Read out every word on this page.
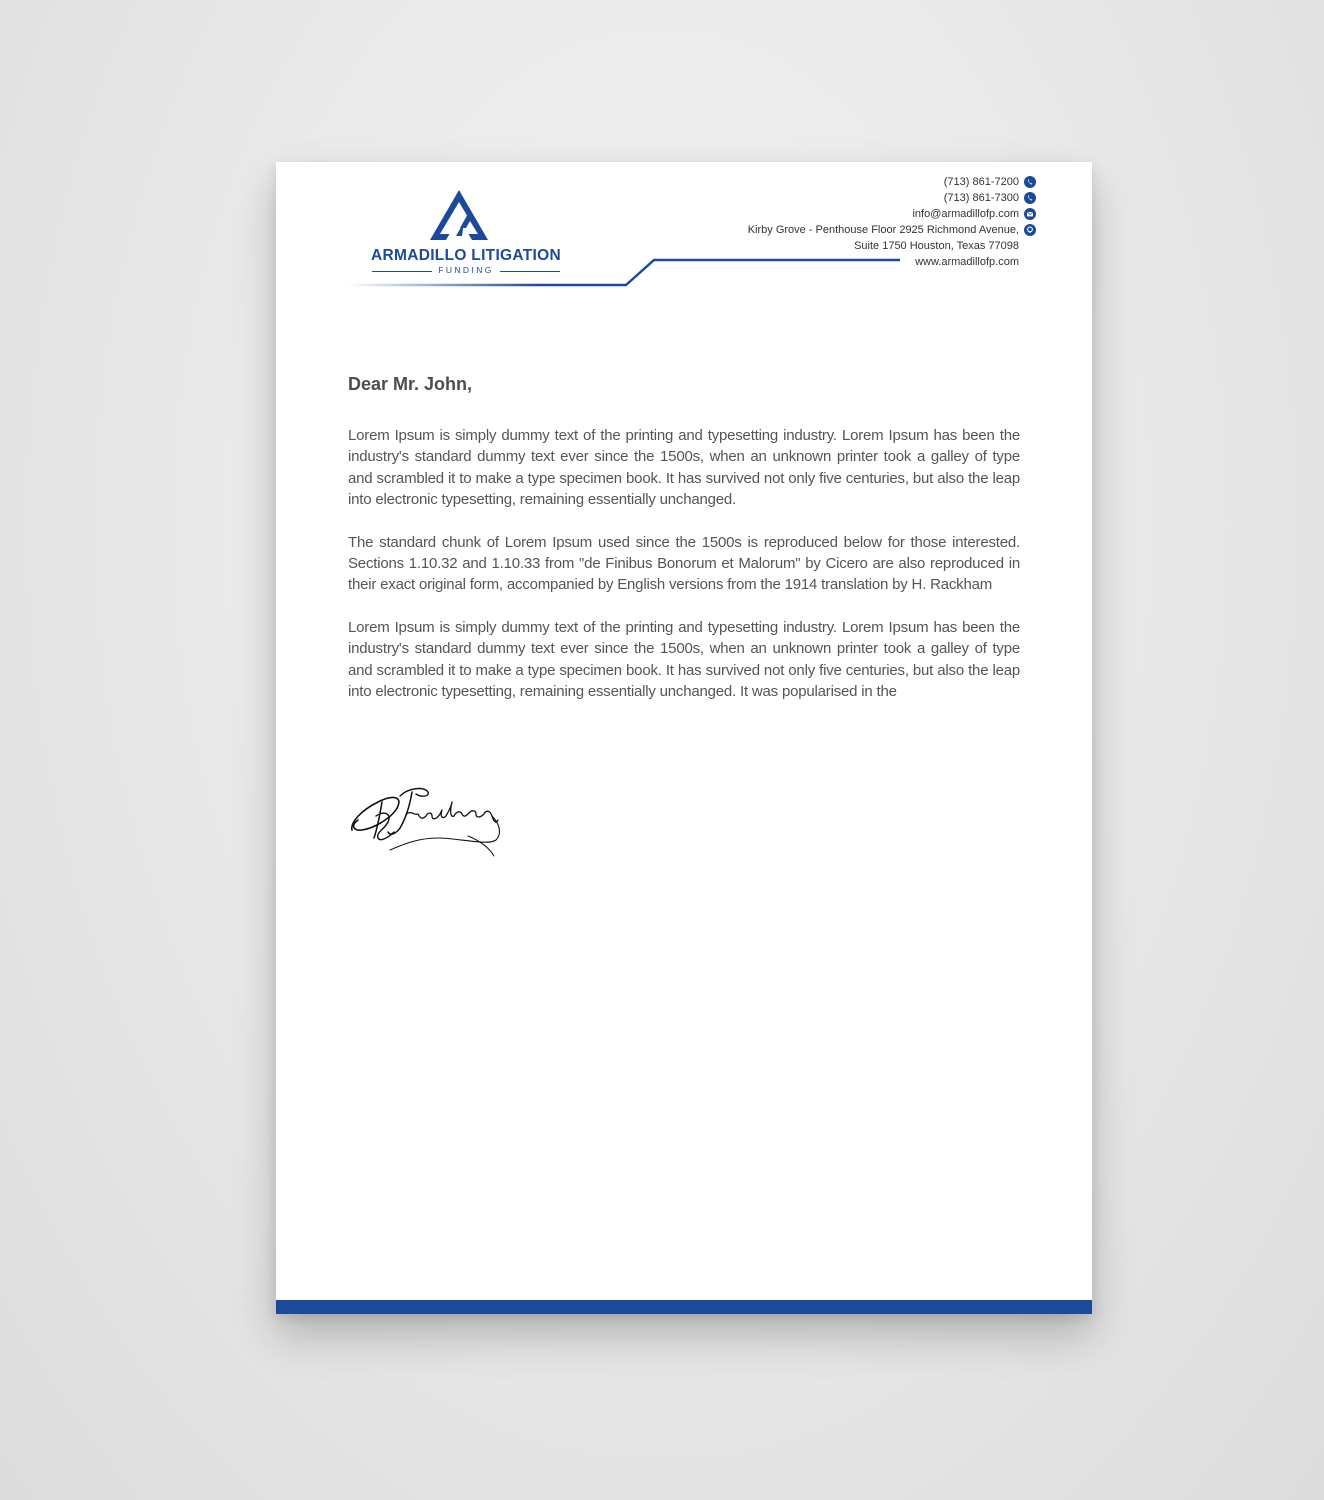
ARMADILLO LITIGATION
FUNDING
(713) 861-7200
(713) 861-7300
info@armadillofp.com
Kirby Grove - Penthouse Floor 2925 Richmond Avenue,
Suite 1750 Houston, Texas 77098
www.armadillofp.com
Dear Mr. John,

Lorem Ipsum is simply dummy text of the printing and typesetting industry. Lorem Ipsum has been the industry's standard dummy text ever since the 1500s, when an unknown printer took a galley of type and scrambled it to make a type specimen book. It has survived not only five centuries, but also the leap into electronic typesetting, remaining essentially unchanged.

The standard chunk of Lorem Ipsum used since the 1500s is reproduced below for those interested. Sections 1.10.32 and 1.10.33 from "de Finibus Bonorum et Malorum" by Cicero are also reproduced in their exact original form, accompanied by English versions from the 1914 translation by H. Rackham

Lorem Ipsum is simply dummy text of the printing and typesetting industry. Lorem Ipsum has been the industry's standard dummy text ever since the 1500s, when an unknown printer took a galley of type and scrambled it to make a type specimen book. It has survived not only five centuries, but also the leap into electronic typesetting, remaining essentially unchanged. It was popularised in the
